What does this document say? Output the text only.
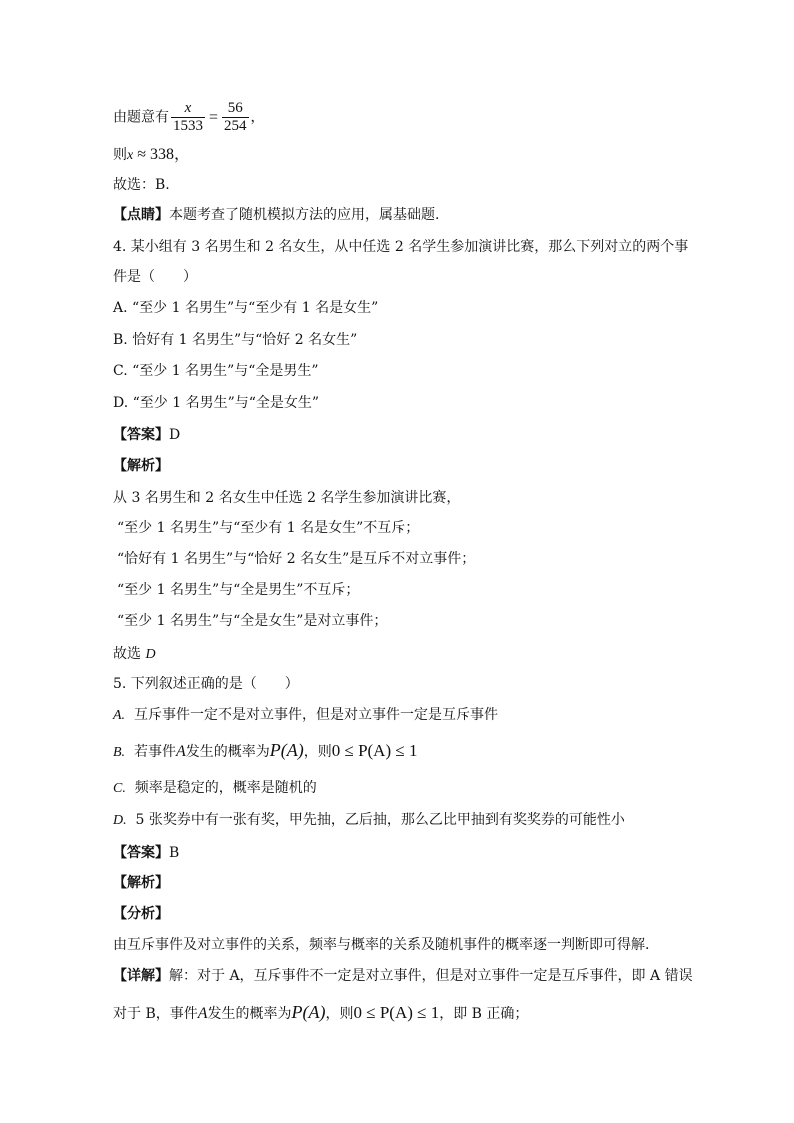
由题意有 $\frac{x}{1533} = \frac{56}{254}$ ，
则x ≈ 338，
故选：B.
【点睛】本题考查了随机模拟方法的应用，属基础题.
4. 某小组有 3 名男生和 2 名女生，从中任选 2 名学生参加演讲比赛，那么下列对立的两个事
件是（　　）
A. “至少 1 名男生”与“至少有 1 名是女生”
B. 恰好有 1 名男生”与“恰好 2 名女生”
C. “至少 1 名男生”与“全是男生”
D. “至少 1 名男生”与“全是女生”
【答案】D
【解析】
从 3 名男生和 2 名女生中任选 2 名学生参加演讲比赛，
“至少 1 名男生”与“至少有 1 名是女生”不互斥；
“恰好有 1 名男生”与“恰好 2 名女生”是互斥不对立事件；
“至少 1 名男生”与“全是男生”不互斥；
“至少 1 名男生”与“全是女生”是对立事件；
故选 D
5. 下列叙述正确的是（　　）
A. 互斥事件一定不是对立事件，但是对立事件一定是互斥事件
B. 若事件A发生的概率为P(A)，则0 ≤ P(A) ≤ 1
C. 频率是稳定的，概率是随机的
D. 5 张奖券中有一张有奖，甲先抽，乙后抽，那么乙比甲抽到有奖奖券的可能性小
【答案】B
【解析】
【分析】
由互斥事件及对立事件的关系，频率与概率的关系及随机事件的概率逐一判断即可得解.
【详解】解：对于 A，互斥事件不一定是对立事件，但是对立事件一定是互斥事件，即 A 错误
对于 B，事件A发生的概率为P(A)，则0 ≤ P(A) ≤ 1，即 B 正确；
